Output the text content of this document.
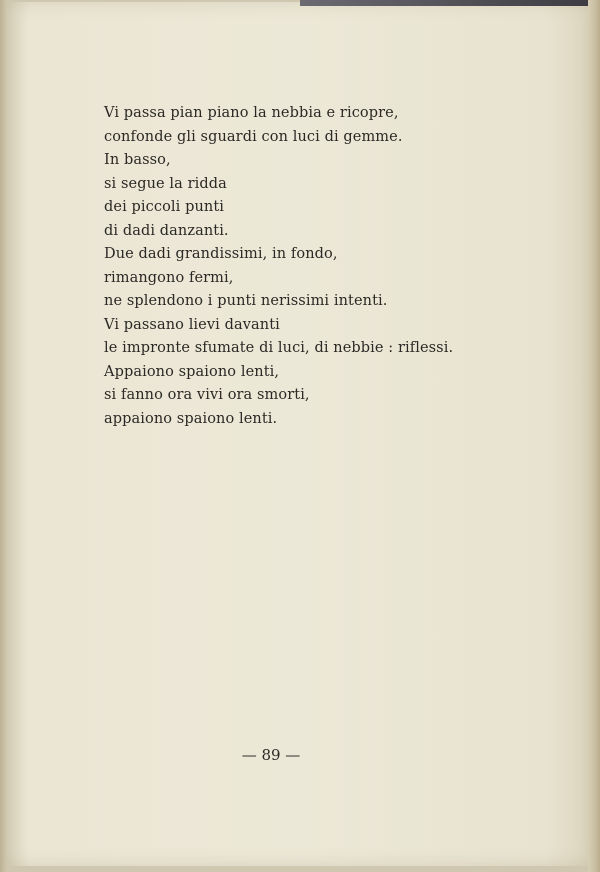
Vi passa pian piano la nebbia e ricopre,
confonde gli sguardi con luci di gemme.
In basso,
si segue la ridda
dei piccoli punti
di dadi danzanti.
Due dadi grandissimi, in fondo,
rimangono fermi,
ne splendono i punti nerissimi intenti.
Vi passano lievi davanti
le impronte sfumate di luci, di nebbie : riflessi.
Appaiono spaiono lenti,
si fanno ora vivi ora smorti,
appaiono spaiono lenti.
— 89 —
